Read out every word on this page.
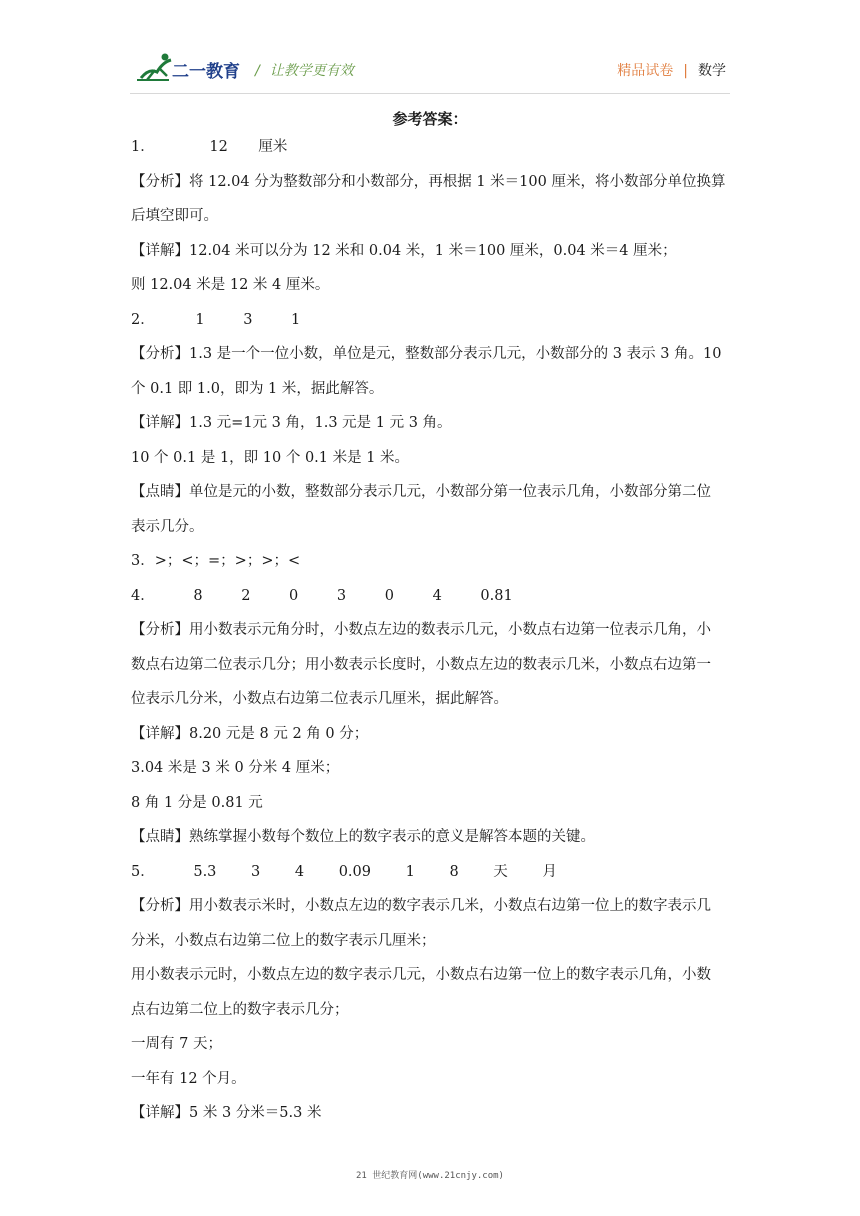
二一教育 / 让教学更有效	精品试卷 | 数学
参考答案：
1．	12 厘米
【分析】将 12.04 分为整数部分和小数部分，再根据 1 米＝100 厘米，将小数部分单位换算
后填空即可。
【详解】12.04 米可以分为 12 米和 0.04 米，1 米＝100 厘米，0.04 米＝4 厘米；
则 12.04 米是 12 米 4 厘米。
2．	1	3	1
【分析】1.3 是一个一位小数，单位是元，整数部分表示几元，小数部分的 3 表示 3 角。10
个 0.1 即 1.0，即为 1 米，据此解答。
【详解】1.3 元=1元 3 角，1.3 元是 1 元 3 角。
10 个 0.1 是 1，即 10 个 0.1 米是 1 米。
【点睛】单位是元的小数，整数部分表示几元，小数部分第一位表示几角，小数部分第二位
表示几分。
3．>；<；=；>；>；<
4．	8	2	0	3	0	4	0.81
【分析】用小数表示元角分时，小数点左边的数表示几元，小数点右边第一位表示几角，小
数点右边第二位表示几分；用小数表示长度时，小数点左边的数表示几米，小数点右边第一
位表示几分米，小数点右边第二位表示几厘米，据此解答。
【详解】8.20 元是 8 元 2 角 0 分；
3.04 米是 3 米 0 分米 4 厘米；
8 角 1 分是 0.81 元
【点睛】熟练掌握小数每个数位上的数字表示的意义是解答本题的关键。
5．	5.3 3 4 0.09 1 8 天 月
【分析】用小数表示米时，小数点左边的数字表示几米，小数点右边第一位上的数字表示几
分米，小数点右边第二位上的数字表示几厘米；
用小数表示元时，小数点左边的数字表示几元，小数点右边第一位上的数字表示几角，小数
点右边第二位上的数字表示几分；
一周有 7 天；
一年有 12 个月。
【详解】5 米 3 分米＝5.3 米
21 世纪教育网(www.21cnjy.com)
